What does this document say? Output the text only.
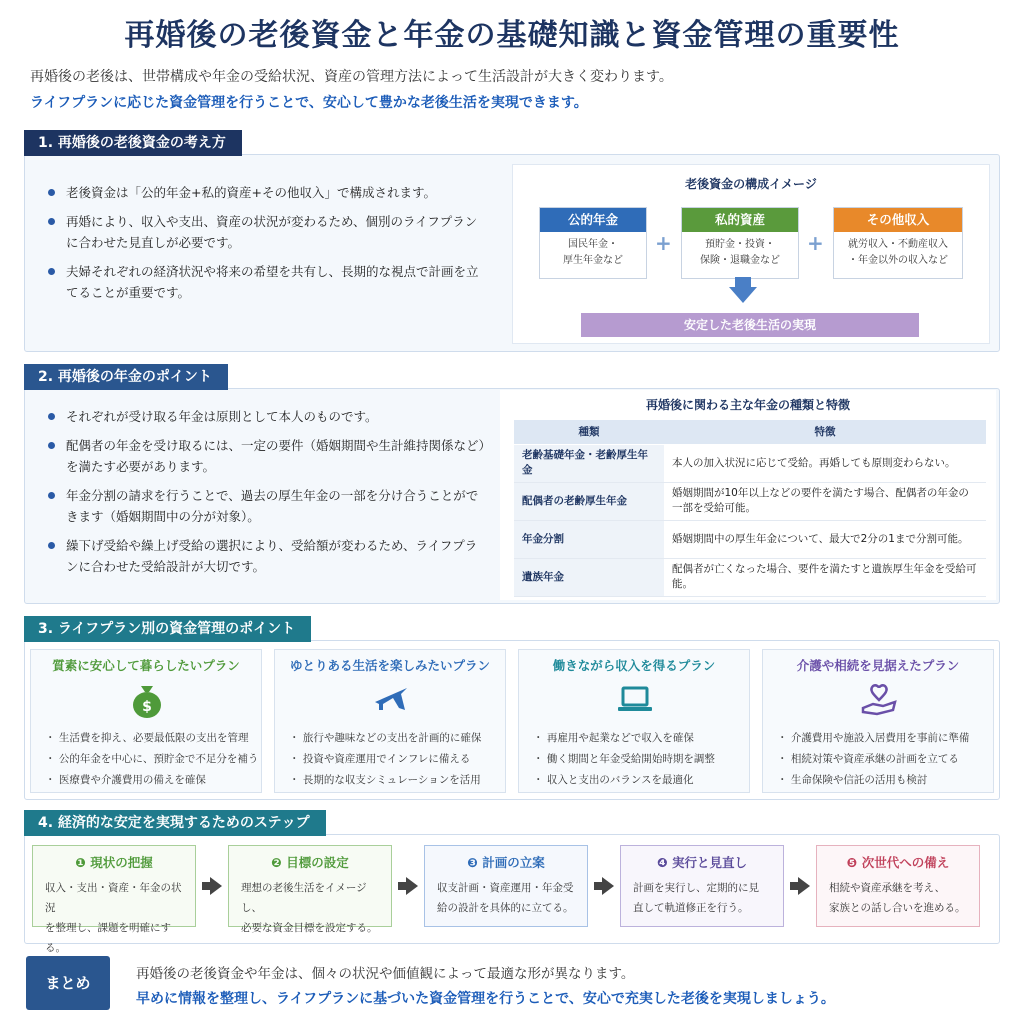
再婚後の老後資金と年金の基礎知識と資金管理の重要性
再婚後の老後は、世帯構成や年金の受給状況、資産の管理方法によって生活設計が大きく変わります。
ライフプランに応じた資金管理を行うことで、安心して豊かな老後生活を実現できます。
1. 再婚後の老後資金の考え方
老後資金は「公的年金+私的資産+その他収入」で構成されます。
再婚により、収入や支出、資産の状況が変わるため、個別のライフプランに合わせた見直しが必要です。
夫婦それぞれの経済状況や将来の希望を共有し、長期的な視点で計画を立てることが重要です。
老後資金の構成イメージ
公的年金
国民年金・
厚生年金など
+
私的資産
預貯金・投資・
保険・退職金など
+
その他収入
就労収入・不動産収入
・年金以外の収入など
安定した老後生活の実現
2. 再婚後の年金のポイント
それぞれが受け取る年金は原則として本人のものです。
配偶者の年金を受け取るには、一定の要件（婚姻期間や生計維持関係など）を満たす必要があります。
年金分割の請求を行うことで、過去の厚生年金の一部を分け合うことができます（婚姻期間中の分が対象）。
繰下げ受給や繰上げ受給の選択により、受給額が変わるため、ライフプランに合わせた受給設計が大切です。
再婚後に関わる主な年金の種類と特徴
種類	特徴
老齢基礎年金・老齢厚生年金	本人の加入状況に応じて受給。再婚しても原則変わらない。
配偶者の老齢厚生年金	婚姻期間が10年以上などの要件を満たす場合、配偶者の年金の一部を受給可能。
年金分割	婚姻期間中の厚生年金について、最大で2分の1まで分割可能。
遺族年金	配偶者が亡くなった場合、要件を満たすと遺族厚生年金を受給可能。
3. ライフプラン別の資金管理のポイント
質素に安心して暮らしたいプラン
$
・ 生活費を抑え、必要最低限の支出を管理
・ 公的年金を中心に、預貯金で不足分を補う
・ 医療費や介護費用の備えを確保
ゆとりある生活を楽しみたいプラン
・ 旅行や趣味などの支出を計画的に確保
・ 投資や資産運用でインフレに備える
・ 長期的な収支シミュレーションを活用
働きながら収入を得るプラン
・ 再雇用や起業などで収入を確保
・ 働く期間と年金受給開始時期を調整
・ 収入と支出のバランスを最適化
介護や相続を見据えたプラン
・ 介護費用や施設入居費用を事前に準備
・ 相続対策や資産承継の計画を立てる
・ 生命保険や信託の活用も検討
4. 経済的な安定を実現するためのステップ
❶ 現状の把握
収入・支出・資産・年金の状況
を整理し、課題を明確にする。
❷ 目標の設定
理想の老後生活をイメージし、
必要な資金目標を設定する。
❸ 計画の立案
収支計画・資産運用・年金受
給の設計を具体的に立てる。
❹ 実行と見直し
計画を実行し、定期的に見
直して軌道修正を行う。
❺ 次世代への備え
相続や資産承継を考え、
家族との話し合いを進める。
まとめ	再婚後の老後資金や年金は、個々の状況や価値観によって最適な形が異なります。
早めに情報を整理し、ライフプランに基づいた資金管理を行うことで、安心で充実した老後を実現しましょう。
